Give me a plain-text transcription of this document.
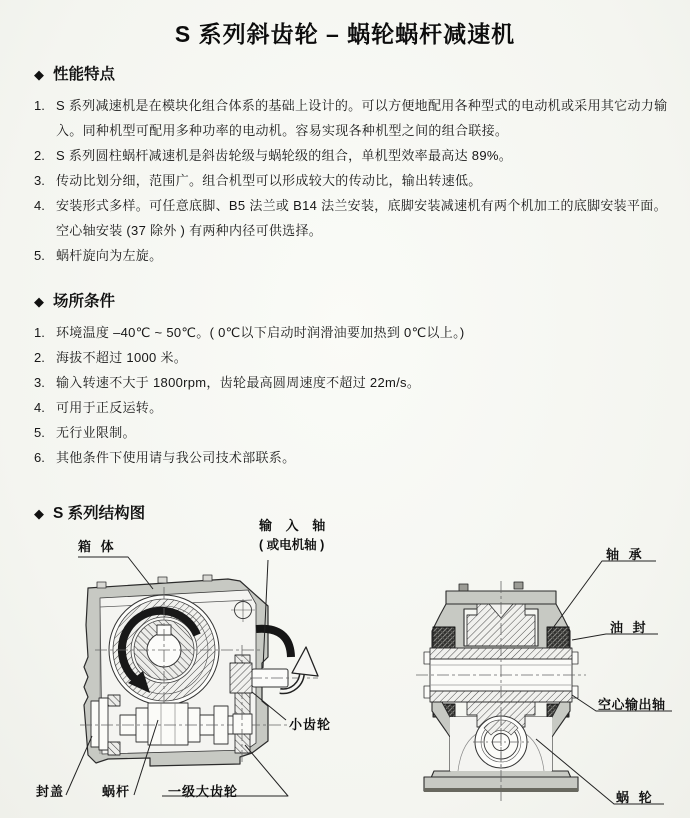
S 系列斜齿轮 – 蜗轮蜗杆减速机
◆ 性能特点
1. S 系列减速机是在模块化组合体系的基础上设计的。可以方便地配用各种型式的电动机或采用其它动力输入。同种机型可配用多种功率的电动机。容易实现各种机型之间的组合联接。
2. S 系列圆柱蜗杆减速机是斜齿轮级与蜗轮级的组合，单机型效率最高达 89%。
3. 传动比划分细，范围广。组合机型可以形成较大的传动比，输出转速低。
4. 安装形式多样。可任意底脚、B5 法兰或 B14 法兰安装，底脚安装减速机有两个机加工的底脚安装平面。空心轴安装 (37 除外 ) 有两种内径可供选择。
5. 蜗杆旋向为左旋。
◆ 场所条件
1. 环境温度 –40℃ ~ 50℃。( 0℃以下启动时润滑油要加热到 0℃以上。)
2. 海拔不超过 1000 米。
3. 输入转速不大于 1800rpm，齿轮最高圆周速度不超过 22m/s。
4. 可用于正反运转。
5. 无行业限制。
6. 其他条件下使用请与我公司技术部联系。
◆ S 系列结构图
箱 体
输 入 轴
( 或电机轴 )
小齿轮
封盖	蜗杆	一级大齿轮
轴 承
油 封
空心输出轴
蜗 轮
